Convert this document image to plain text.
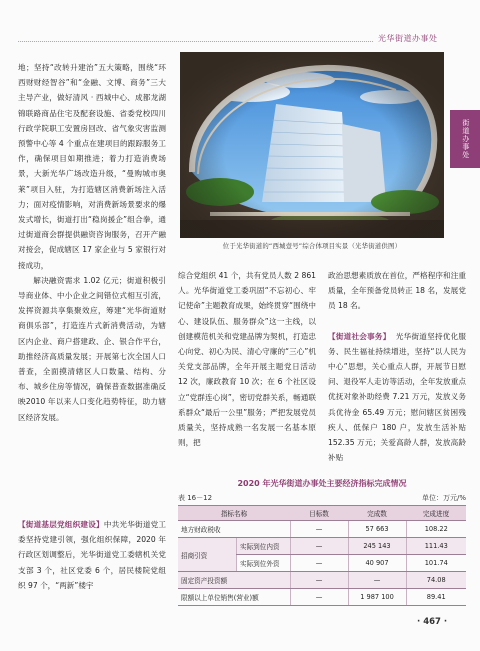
光华街道办事处
街道办事处

地；坚持“改转升建治”五大策略，围绕“环西财财经智谷”和“金融、文博、商务”三大主导产业，做好清风 · 西城中心、成都龙湖锦联路商品住宅及配套设施、省委党校四川行政学院职工安置房回改、省气象灾害监测预警中心等 4 个重点在建项目的跟踪服务工作，确保项目如期推进；着力打造消费场景，大新光华广场改造升级，“曼购城市奥莱”项目入驻，为打造辖区消费新场注入活力；面对疫情影响，对消费新场景要求的爆发式增长，街道打出“稳岗援企”组合拳，通过街道商会群提供融资咨询服务，召开产融对接会，促成辖区 17 家企业与 5 家银行对接成功，

解决融资需求 1.02 亿元；街道积极引导商业体、中小企业之间错位式相互引流，发挥资源共享集聚效应，筹建“光华街道财商俱乐部”，打造连片式新消费活动，为辖区内企业、商户搭建政、企、银合作平台，助推经济高质量发展；开展第七次全国人口普查，全面摸清辖区人口数量、结构、分布、城乡住房等情况，确保普查数据准确反映2010 年以来人口变化趋势特征，助力辖区经济发展。

【街道基层党组织建设】中共光华街道党工委坚持党建引领，强化组织保障，2020 年行政区划调整后，光华街道党工委辖机关党支部 3 个，社区党委 6 个，居民楼院党组织 97 个，“两新”楼宇

位于光华街道的“西城壹号”综合体项目实景（光华街道供图）

综合党组织 41 个，共有党员人数 2 861 人。光华街道党工委巩固“不忘初心、牢记使命”主题教育成果，始终贯穿“围绕中心、建设队伍、服务群众”这一主线，以创建模范机关和党建品牌为契机，打造忠心向党、初心为民、清心守廉的“三心”机关党支部品牌，全年开展主题党日活动 12 次，廉政教育 10 次；在 6 个社区设立“党群连心岗”，密切党群关系，畅通联系群众“最后一公里”服务；严把发展党员质量关，坚持成熟一名发展一名基本原则，把

政治思想素质放在首位，严格程序和注重质量，全年预备党员转正 18 名，发展党员 18 名。

【街道社会事务】 光华街道坚持优化服务、民生福祉持续增进，坚持“以人民为中心”思想，关心重点人群，开展节日慰问、退役军人走访等活动，全年发放重点优抚对象补助经费 7.21 万元，发放义务兵优待金 65.49 万元；慰问辖区贫困残疾人、低保户 180 户，发放生活补贴 152.35 万元；关爱高龄人群，发放高龄补贴

2020 年光华街道办事处主要经济指标完成情况
表 16－12	单位：万元/%
指标名称		目标数	完成数	完成进度
地方财政税收		—	57 663	108.22
招商引资	实际到位内资	—	245 143	111.43
	实际到位外资	—	40 907	101.74
固定资产投资额		—	—	74.08
限额以上单位销售(营业)额		—	1 987 100	89.41
· 467 ·
